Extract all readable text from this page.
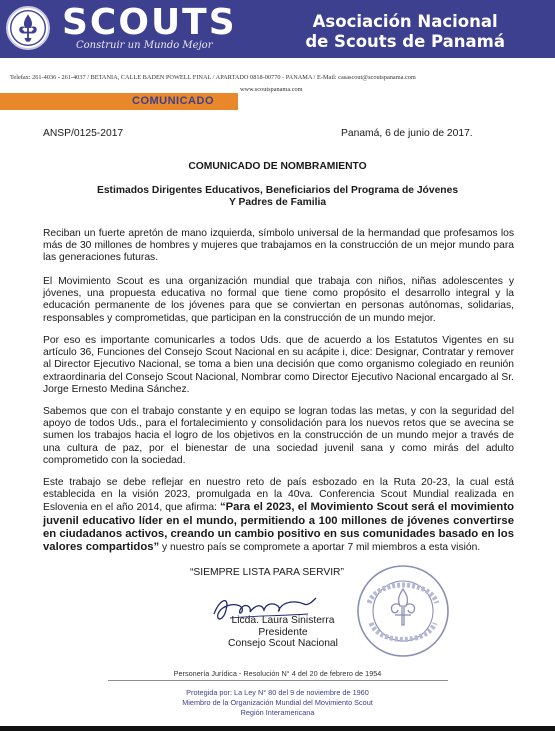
SCOUTS
Construir un Mundo Mejor
Asociación Nacional
de Scouts de Panamá
Telefax: 261-4036 - 261-4037 / BETANIA, CALLE BADEN POWELL FINAL / APARTADO 0818-00770 - PANAMA / E-Mail: casascout@scoutspanama.com
www.scoutspanama.com
COMUNICADO
ANSP/0125-2017	Panamá, 6 de junio de 2017.
COMUNICADO DE NOMBRAMIENTO
Estimados Dirigentes Educativos, Beneficiarios del Programa de Jóvenes
Y Padres de Familia

Reciban un fuerte apretón de mano izquierda, símbolo universal de la hermandad que profesamos los más de 30 millones de hombres y mujeres que trabajamos en la construcción de un mejor mundo para las generaciones futuras.

El Movimiento Scout es una organización mundial que trabaja con niños, niñas adolescentes y jóvenes, una propuesta educativa no formal que tiene como propósito el desarrollo integral y la educación permanente de los jóvenes para que se conviertan en personas autónomas, solidarias, responsables y comprometidas, que participan en la construcción de un mundo mejor.

Por eso es importante comunicarles a todos Uds. que de acuerdo a los Estatutos Vigentes en su artículo 36, Funciones del Consejo Scout Nacional en su acápite i, dice: Designar, Contratar y remover al Director Ejecutivo Nacional, se toma a bien una decisión que como organismo colegiado en reunión extraordinaria del Consejo Scout Nacional, Nombrar como Director Ejecutivo Nacional encargado al Sr. Jorge Ernesto Medina Sánchez.

Sabemos que con el trabajo constante y en equipo se logran todas las metas, y con la seguridad del apoyo de todos Uds., para el fortalecimiento y consolidación para los nuevos retos que se avecina se sumen los trabajos hacia el logro de los objetivos en la construcción de un mundo mejor a través de una cultura de paz, por el bienestar de una sociedad juvenil sana y como mirás del adulto comprometido con la sociedad.

Este trabajo se debe reflejar en nuestro reto de país esbozado en la Ruta 20-23, la cual está establecida en la visión 2023, promulgada en la 40va. Conferencia Scout Mundial realizada en Eslovenia en el año 2014, que afirma: “Para el 2023, el Movimiento Scout será el movimiento juvenil educativo líder en el mundo, permitiendo a 100 millones de jóvenes convertirse en ciudadanos activos, creando un cambio positivo en sus comunidades basado en los valores compartidos” y nuestro país se compromete a aportar 7 mil miembros a esta visión.

“SIEMPRE LISTA PARA SERVIR”
Licda. Laura Sinisterra
Presidente
Consejo Scout Nacional
Personería Jurídica - Resolución N° 4 del 20 de febrero de 1954
Protegida por: La Ley N° 80 del 9 de noviembre de 1960
Miembro de la Organización Mundial del Movimiento Scout
Región Interamericana
